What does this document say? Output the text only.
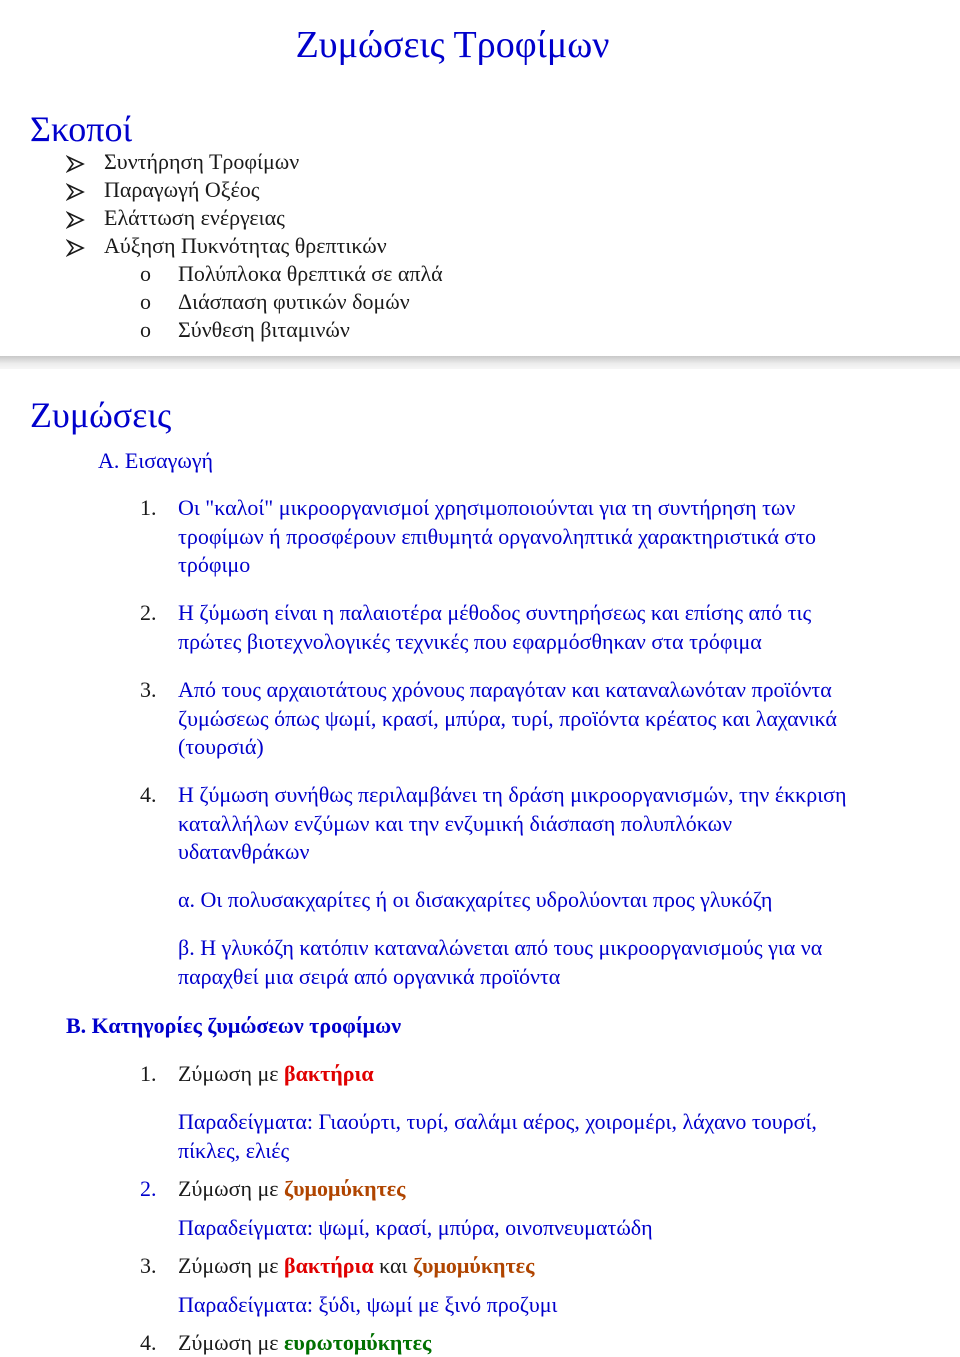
Ζυμώσεις Τροφίμων
Σκοποί
Συντήρηση Τροφίμων
Παραγωγή Οξέος
Ελάττωση ενέργειας
Αύξηση Πυκνότητας θρεπτικών
o Πολύπλοκα θρεπτικά σε απλά
o Διάσπαση φυτικών δομών
o Σύνθεση βιταμινών
Ζυμώσεις
Α. Εισαγωγή
1. Οι "καλοί" μικροοργανισμοί χρησιμοποιούνται για τη συντήρηση των τροφίμων ή προσφέρουν επιθυμητά οργανοληπτικά χαρακτηριστικά στο τρόφιμο
2. Η ζύμωση είναι η παλαιοτέρα μέθοδος συντηρήσεως και επίσης από τις πρώτες βιοτεχνολογικές τεχνικές που εφαρμόσθηκαν στα τρόφιμα
3. Από τους αρχαιοτάτους χρόνους παραγόταν και καταναλωνόταν προϊόντα ζυμώσεως όπως ψωμί, κρασί, μπύρα, τυρί, προϊόντα κρέατος και λαχανικά (τουρσιά)
4. Η ζύμωση συνήθως περιλαμβάνει τη δράση μικροοργανισμών, την έκκριση καταλλήλων ενζύμων και την ενζυμική διάσπαση πολυπλόκων υδατανθράκων
α. Οι πολυσακχαρίτες ή οι δισακχαρίτες υδρολύονται προς γλυκόζη
β. Η γλυκόζη κατόπιν καταναλώνεται από τους μικροοργανισμούς για να παραχθεί μια σειρά από οργανικά προϊόντα
Β. Κατηγορίες ζυμώσεων τροφίμων
1. Ζύμωση με βακτήρια
Παραδείγματα: Γιαούρτι, τυρί, σαλάμι αέρος, χοιρομέρι, λάχανο τουρσί, πίκλες, ελιές
2. Ζύμωση με ζυμομύκητες
Παραδείγματα: ψωμί, κρασί, μπύρα, οινοπνευματώδη
3. Ζύμωση με βακτήρια και ζυμομύκητες
Παραδείγματα: ξύδι, ψωμί με ξινό προζυμι
4. Ζύμωση με ευρωτομύκητες
